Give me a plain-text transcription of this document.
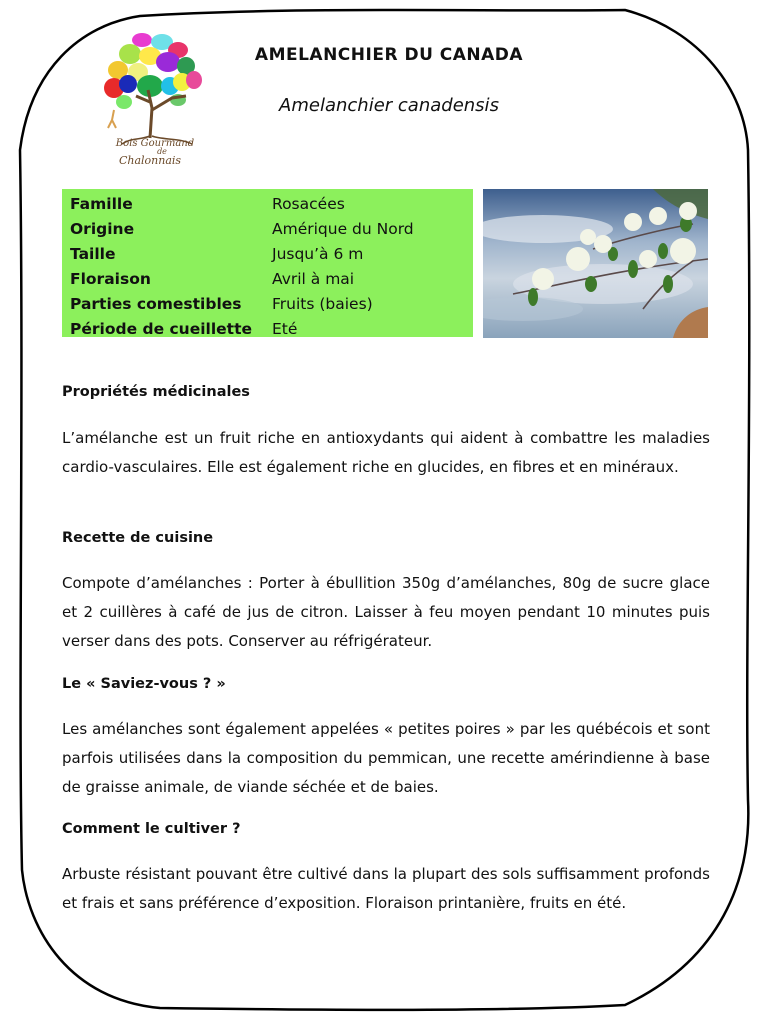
Bois Gourmand
de
Chalonnais
AMELANCHIER DU CANADA
Amelanchier canadensis
Famille	Rosacées
Origine	Amérique du Nord
Taille	Jusqu’à 6 m
Floraison	Avril à mai
Parties comestibles	Fruits (baies)
Période de cueillette	Eté
Propriétés médicinales
L’amélanche est un fruit riche en antioxydants qui aident à combattre les maladies cardio-vasculaires. Elle est également riche en glucides, en fibres et en minéraux.
Recette de cuisine
Compote d’amélanches : Porter à ébullition 350g d’amélanches, 80g de sucre glace et 2 cuillères à café de jus de citron. Laisser à feu moyen pendant 10 minutes puis verser dans des pots. Conserver au réfrigérateur.
Le « Saviez-vous ? »
Les amélanches sont également appelées « petites poires » par les québécois et sont parfois utilisées dans la composition du pemmican, une recette amérindienne à base de graisse animale, de viande séchée et de baies.
Comment le cultiver ?
Arbuste résistant pouvant être cultivé dans la plupart des sols suffisamment profonds et frais et sans préférence d’exposition. Floraison printanière, fruits en été.
